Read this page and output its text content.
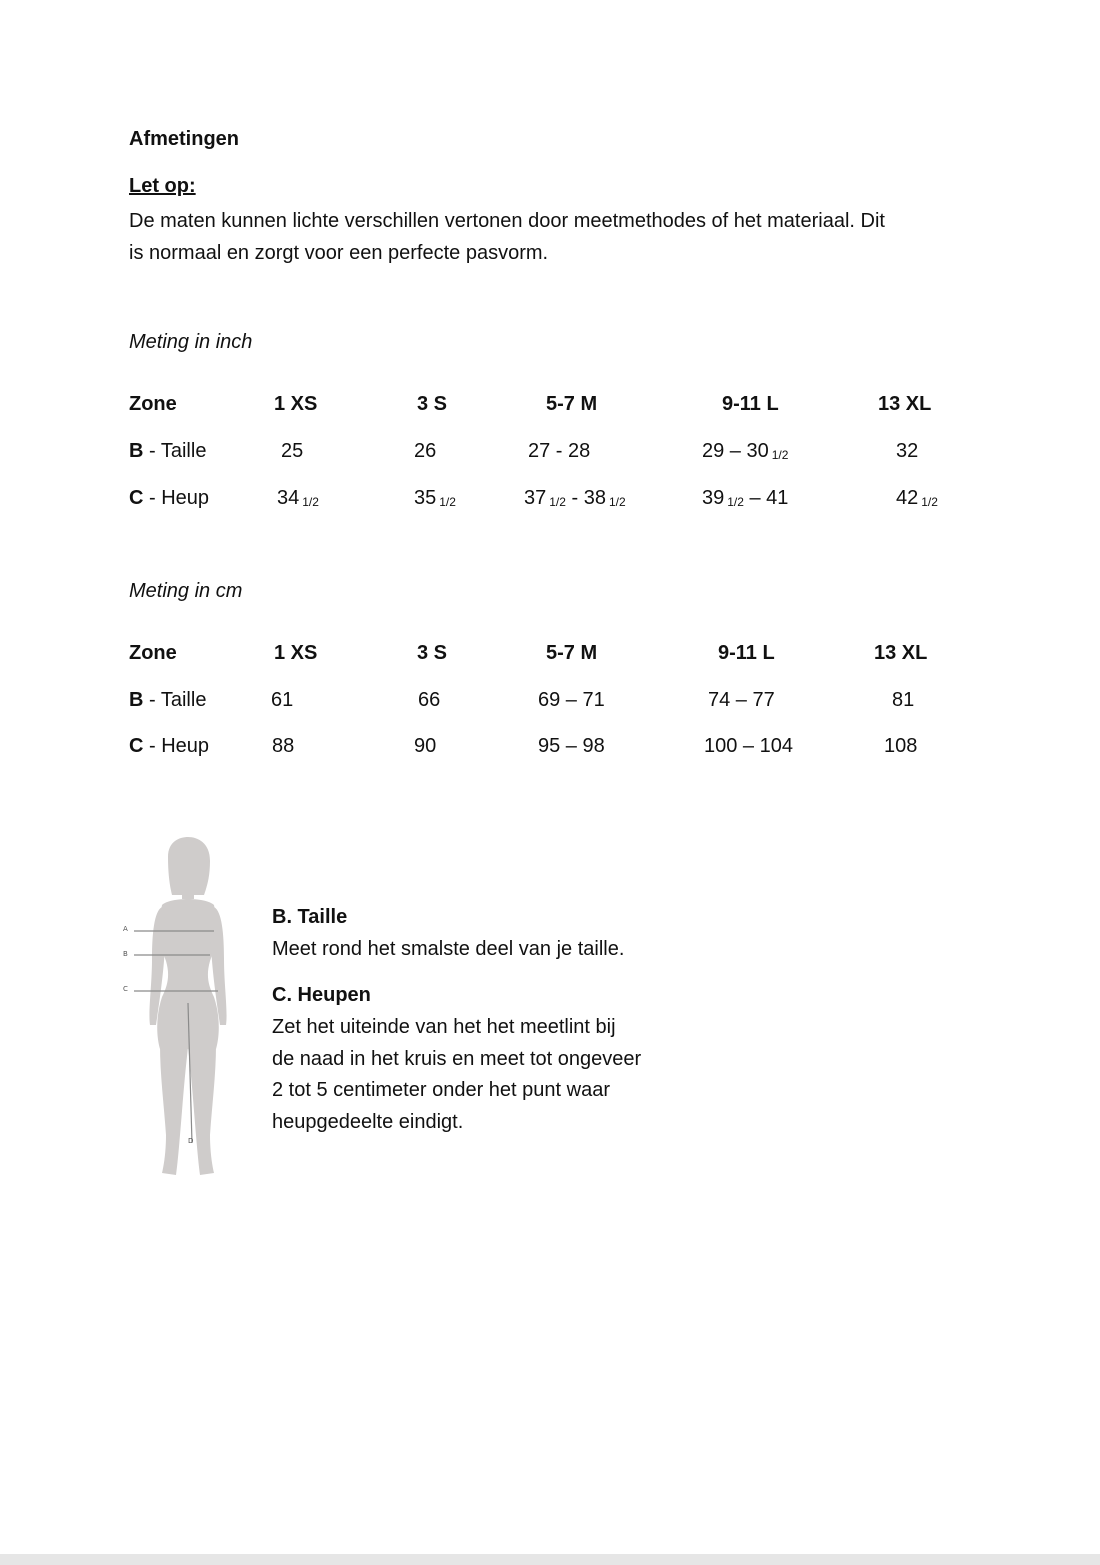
Afmetingen
Let op:
De maten kunnen lichte verschillen vertonen door meetmethodes of het materiaal. Dit
is normaal en zorgt voor een perfecte pasvorm.
Meting in inch
Zone	1 XS	3 S	5-7 M	9-11 L	13 XL
B - Taille	25	26	27 - 28	29 – 30 1/2	32
C - Heup	34 1/2	35 1/2	37 1/2 - 38 1/2	39 1/2 – 41	42 1/2
Meting in cm
Zone	1 XS	3 S	5-7 M	9-11 L	13 XL
B - Taille	61	66	69 – 71	74 – 77	81
C - Heup	88	90	95 – 98	100 – 104	108
A
B
C
D
B. Taille
Meet rond het smalste deel van je taille.
C. Heupen
Zet het uiteinde van het het meetlint bij
de naad in het kruis en meet tot ongeveer
2 tot 5 centimeter onder het punt waar
heupgedeelte eindigt.
